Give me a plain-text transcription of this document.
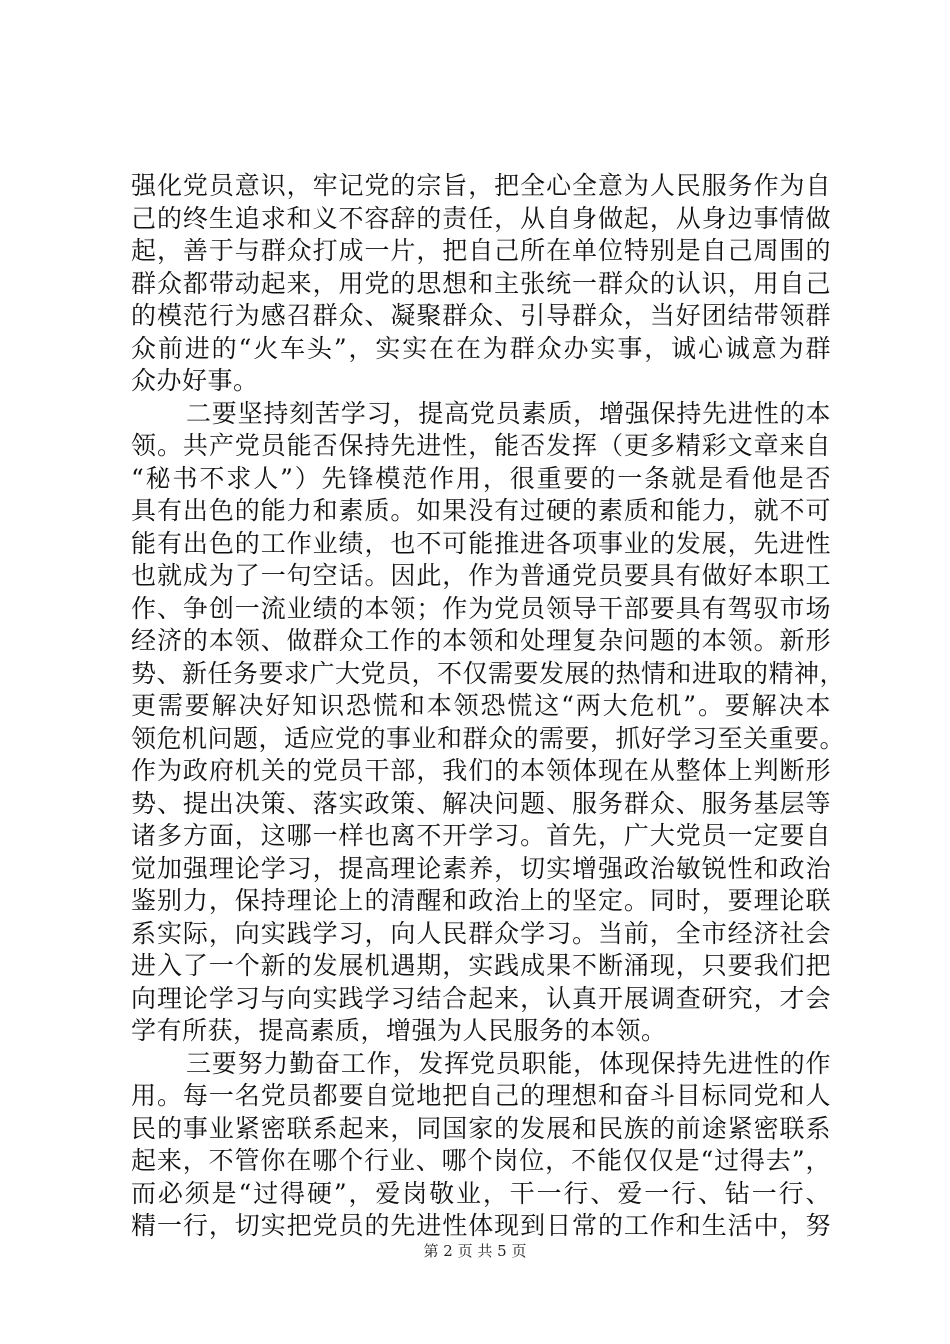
强化党员意识，牢记党的宗旨，把全心全意为人民服务作为自
己的终生追求和义不容辞的责任，从自身做起，从身边事情做
起，善于与群众打成一片，把自己所在单位特别是自己周围的
群众都带动起来，用党的思想和主张统一群众的认识，用自己
的模范行为感召群众、凝聚群众、引导群众，当好团结带领群
众前进的“火车头”，实实在在为群众办实事，诚心诚意为群
众办好事。
二要坚持刻苦学习，提高党员素质，增强保持先进性的本
领。共产党员能否保持先进性，能否发挥（更多精彩文章来自
“秘书不求人”）先锋模范作用，很重要的一条就是看他是否
具有出色的能力和素质。如果没有过硬的素质和能力，就不可
能有出色的工作业绩，也不可能推进各项事业的发展，先进性
也就成为了一句空话。因此，作为普通党员要具有做好本职工
作、争创一流业绩的本领；作为党员领导干部要具有驾驭市场
经济的本领、做群众工作的本领和处理复杂问题的本领。新形
势、新任务要求广大党员，不仅需要发展的热情和进取的精神，
更需要解决好知识恐慌和本领恐慌这“两大危机”。要解决本
领危机问题，适应党的事业和群众的需要，抓好学习至关重要。
作为政府机关的党员干部，我们的本领体现在从整体上判断形
势、提出决策、落实政策、解决问题、服务群众、服务基层等
诸多方面，这哪一样也离不开学习。首先，广大党员一定要自
觉加强理论学习，提高理论素养，切实增强政治敏锐性和政治
鉴别力，保持理论上的清醒和政治上的坚定。同时，要理论联
系实际，向实践学习，向人民群众学习。当前，全市经济社会
进入了一个新的发展机遇期，实践成果不断涌现，只要我们把
向理论学习与向实践学习结合起来，认真开展调查研究，才会
学有所获，提高素质，增强为人民服务的本领。
三要努力勤奋工作，发挥党员职能，体现保持先进性的作
用。每一名党员都要自觉地把自己的理想和奋斗目标同党和人
民的事业紧密联系起来，同国家的发展和民族的前途紧密联系
起来，不管你在哪个行业、哪个岗位，不能仅仅是“过得去”，
而必须是“过得硬”，爱岗敬业，干一行、爱一行、钻一行、
精一行，切实把党员的先进性体现到日常的工作和生活中，努
第 2 页 共 5 页
